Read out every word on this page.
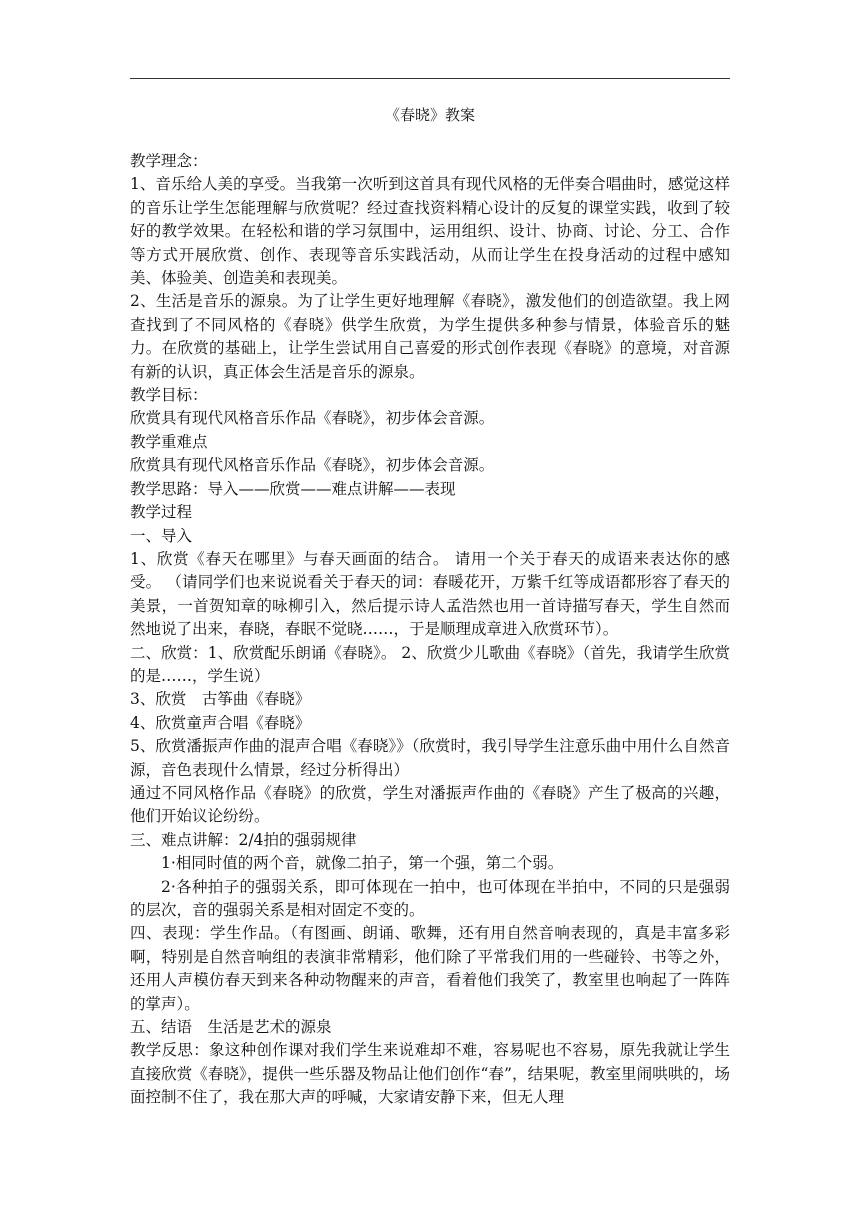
《春晓》教案

教学理念：

1、音乐给人美的享受。当我第一次听到这首具有现代风格的无伴奏合唱曲时，感觉这样的音乐让学生怎能理解与欣赏呢？经过查找资料精心设计的反复的课堂实践，收到了较好的教学效果。在轻松和谐的学习氛围中，运用组织、设计、协商、讨论、分工、合作等方式开展欣赏、创作、表现等音乐实践活动，从而让学生在投身活动的过程中感知美、体验美、创造美和表现美。

2、生活是音乐的源泉。为了让学生更好地理解《春晓》，激发他们的创造欲望。我上网查找到了不同风格的《春晓》供学生欣赏，为学生提供多种参与情景，体验音乐的魅力。在欣赏的基础上，让学生尝试用自己喜爱的形式创作表现《春晓》的意境，对音源有新的认识，真正体会生活是音乐的源泉。

教学目标：

欣赏具有现代风格音乐作品《春晓》，初步体会音源。

教学重难点

欣赏具有现代风格音乐作品《春晓》，初步体会音源。

教学思路：导入——欣赏——难点讲解——表现

教学过程

一、导入

1、欣赏《春天在哪里》与春天画面的结合。 请用一个关于春天的成语来表达你的感受。 （请同学们也来说说看关于春天的词：春暖花开，万紫千红等成语都形容了春天的美景，一首贺知章的咏柳引入，然后提示诗人孟浩然也用一首诗描写春天，学生自然而然地说了出来，春晓，春眠不觉晓……，于是顺理成章进入欣赏环节）。

二、欣赏：1、欣赏配乐朗诵《春晓》。 2、欣赏少儿歌曲《春晓》（首先，我请学生欣赏的是……，学生说）

3、欣赏　古筝曲《春晓》

4、欣赏童声合唱《春晓》

5、欣赏潘振声作曲的混声合唱《春晓》》（欣赏时，我引导学生注意乐曲中用什么自然音源，音色表现什么情景，经过分析得出）

通过不同风格作品《春晓》的欣赏，学生对潘振声作曲的《春晓》产生了极高的兴趣，他们开始议论纷纷。

三、难点讲解：2/4拍的强弱规律

1·相同时值的两个音，就像二拍子，第一个强，第二个弱。

2·各种拍子的强弱关系，即可体现在一拍中，也可体现在半拍中，不同的只是强弱的层次，音的强弱关系是相对固定不变的。

四、表现：学生作品。（有图画、朗诵、歌舞，还有用自然音响表现的，真是丰富多彩啊，特别是自然音响组的表演非常精彩，他们除了平常我们用的一些碰铃、书等之外，还用人声模仿春天到来各种动物醒来的声音，看着他们我笑了，教室里也响起了一阵阵的掌声）。

五、结语　生活是艺术的源泉

教学反思：象这种创作课对我们学生来说难却不难，容易呢也不容易，原先我就让学生直接欣赏《春晓》，提供一些乐器及物品让他们创作“春”，结果呢，教室里闹哄哄的，场面控制不住了，我在那大声的呼喊，大家请安静下来，但无人理
